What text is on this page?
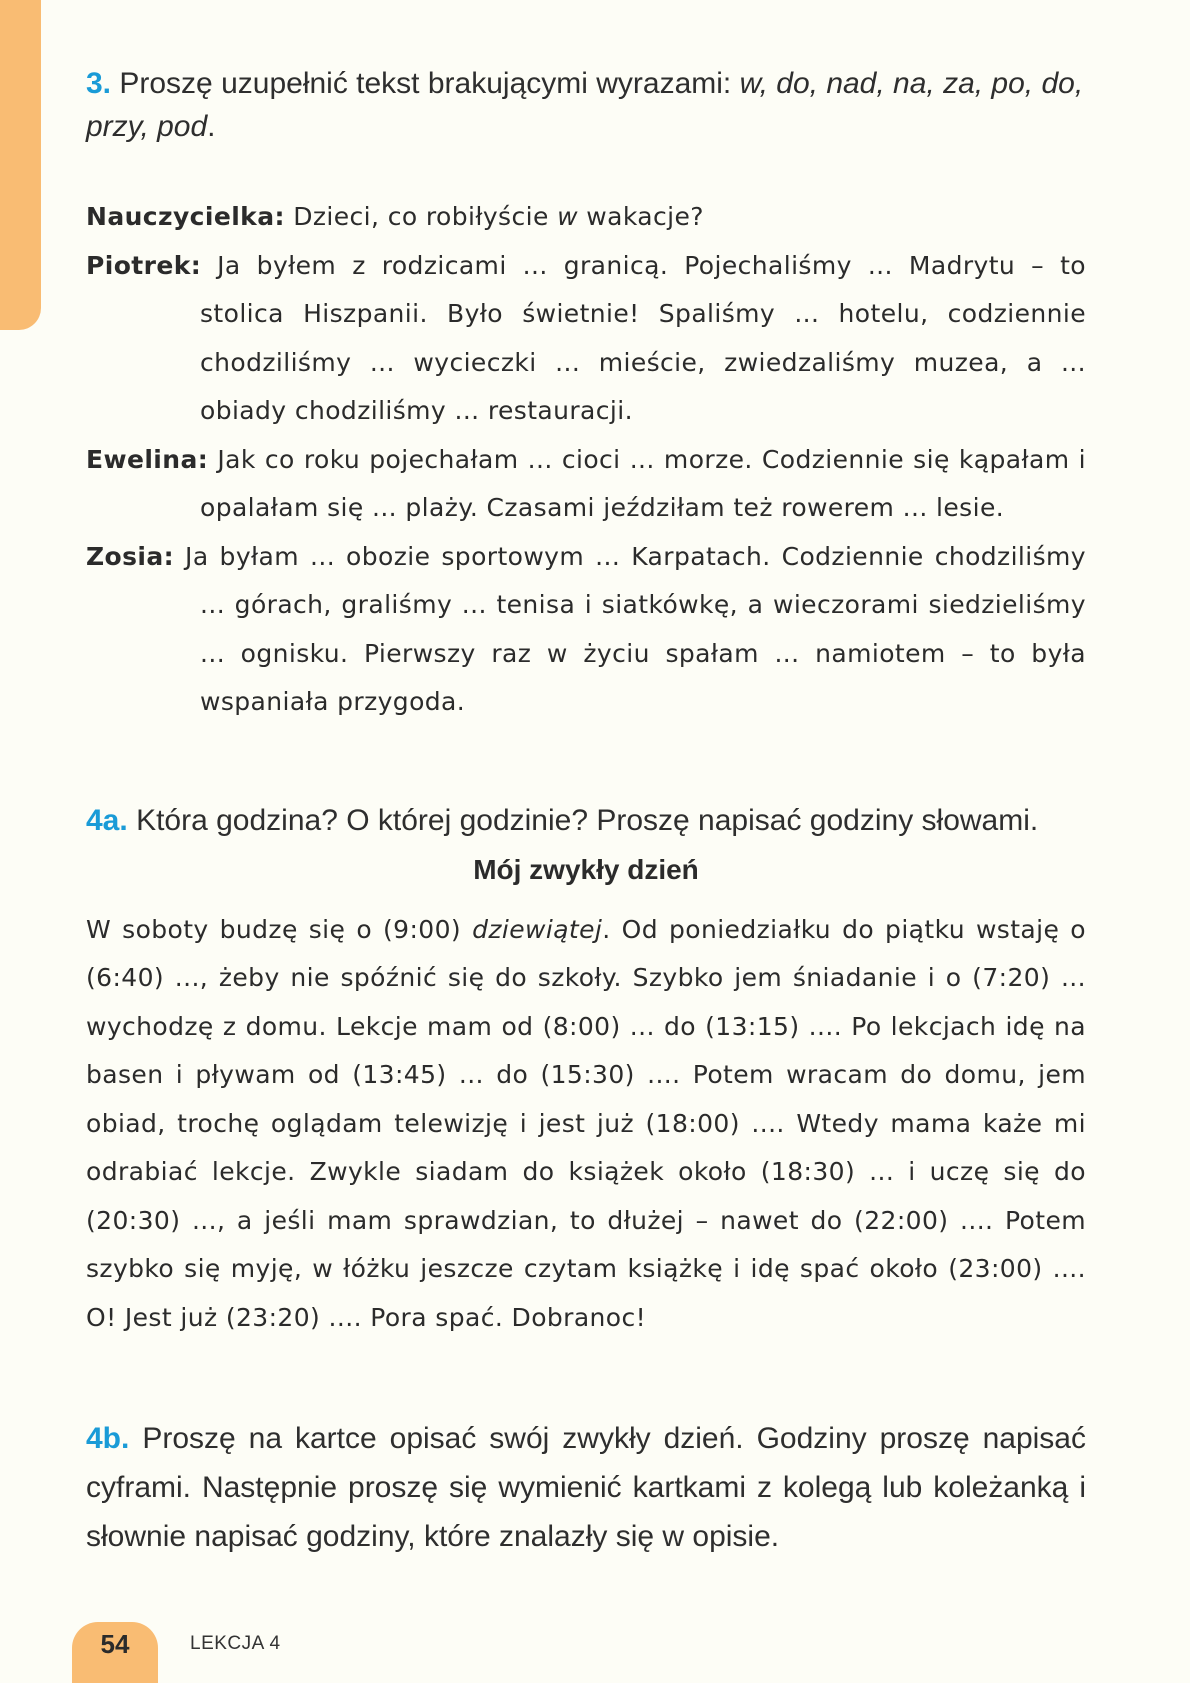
3. Proszę uzupełnić tekst brakującymi wyrazami: w, do, nad, na, za, po, do, przy, pod.

Nauczycielka: Dzieci, co robiłyście w wakacje?
Piotrek: Ja byłem z rodzicami ... granicą. Pojechaliśmy ... Madrytu – to stolica Hiszpanii. Było świetnie! Spaliśmy ... hotelu, codziennie chodziliśmy ... wycieczki ... mieście, zwiedzaliśmy muzea, a ... obiady chodziliśmy ... restauracji.
Ewelina: Jak co roku pojechałam ... cioci ... morze. Codziennie się kąpałam i opalałam się ... plaży. Czasami jeździłam też rowerem ... lesie.
Zosia: Ja byłam ... obozie sportowym ... Karpatach. Codziennie chodziliśmy ... górach, graliśmy ... tenisa i siatkówkę, a wieczorami siedzieliśmy ... ognisku. Pierwszy raz w życiu spałam ... namiotem – to była wspaniała przygoda.

4a. Która godzina? O której godzinie? Proszę napisać godziny słowami.

Mój zwykły dzień

W soboty budzę się o (9:00) dziewiątej. Od poniedziałku do piątku wstaję o (6:40) ..., żeby nie spóźnić się do szkoły. Szybko jem śniadanie i o (7:20) ... wychodzę z domu. Lekcje mam od (8:00) ... do (13:15) .... Po lekcjach idę na basen i pływam od (13:45) ... do (15:30) .... Potem wracam do domu, jem obiad, trochę oglądam telewizję i jest już (18:00) .... Wtedy mama każe mi odrabiać lekcje. Zwykle siadam do książek około (18:30) ... i uczę się do (20:30) ..., a jeśli mam sprawdzian, to dłużej – nawet do (22:00) .... Potem szybko się myję, w łóżku jeszcze czytam książkę i idę spać około (23:00) .... O! Jest już (23:20) .... Pora spać. Dobranoc!

4b. Proszę na kartce opisać swój zwykły dzień. Godziny proszę napisać cyframi. Następnie proszę się wymienić kartkami z kolegą lub koleżanką i słownie napisać godziny, które znalazły się w opisie.

54	LEKCJA 4
